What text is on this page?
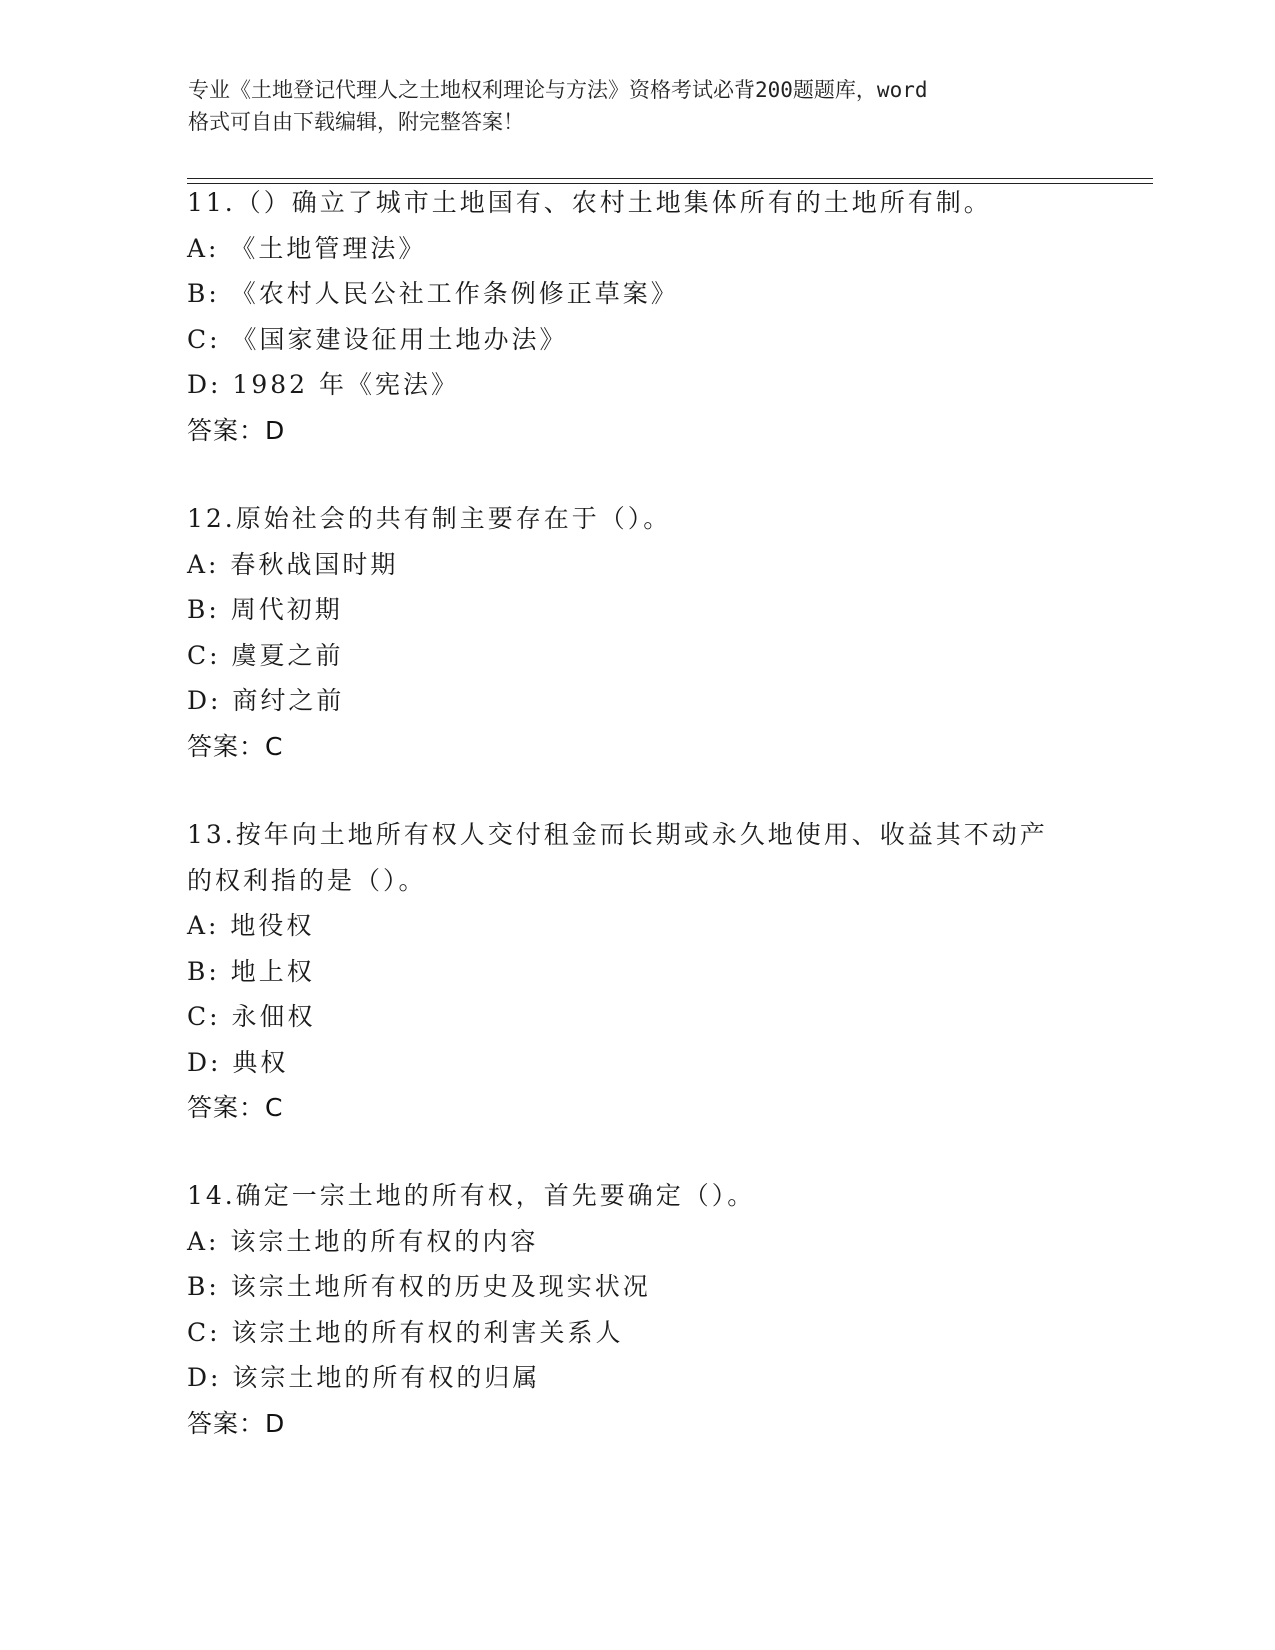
专业《土地登记代理人之土地权利理论与方法》资格考试必背200题题库，word
格式可自由下载编辑，附完整答案！
11.（）确立了城市土地国有、农村土地集体所有的土地所有制。
A: 《土地管理法》
B: 《农村人民公社工作条例修正草案》
C: 《国家建设征用土地办法》
D: 1982 年《宪法》
答案：D
12.原始社会的共有制主要存在于（）。
A: 春秋战国时期
B: 周代初期
C: 虞夏之前
D: 商纣之前
答案：C
13.按年向土地所有权人交付租金而长期或永久地使用、收益其不动产
的权利指的是（）。
A: 地役权
B: 地上权
C: 永佃权
D: 典权
答案：C
14.确定一宗土地的所有权，首先要确定（）。
A: 该宗土地的所有权的内容
B: 该宗土地所有权的历史及现实状况
C: 该宗土地的所有权的利害关系人
D: 该宗土地的所有权的归属
答案：D
